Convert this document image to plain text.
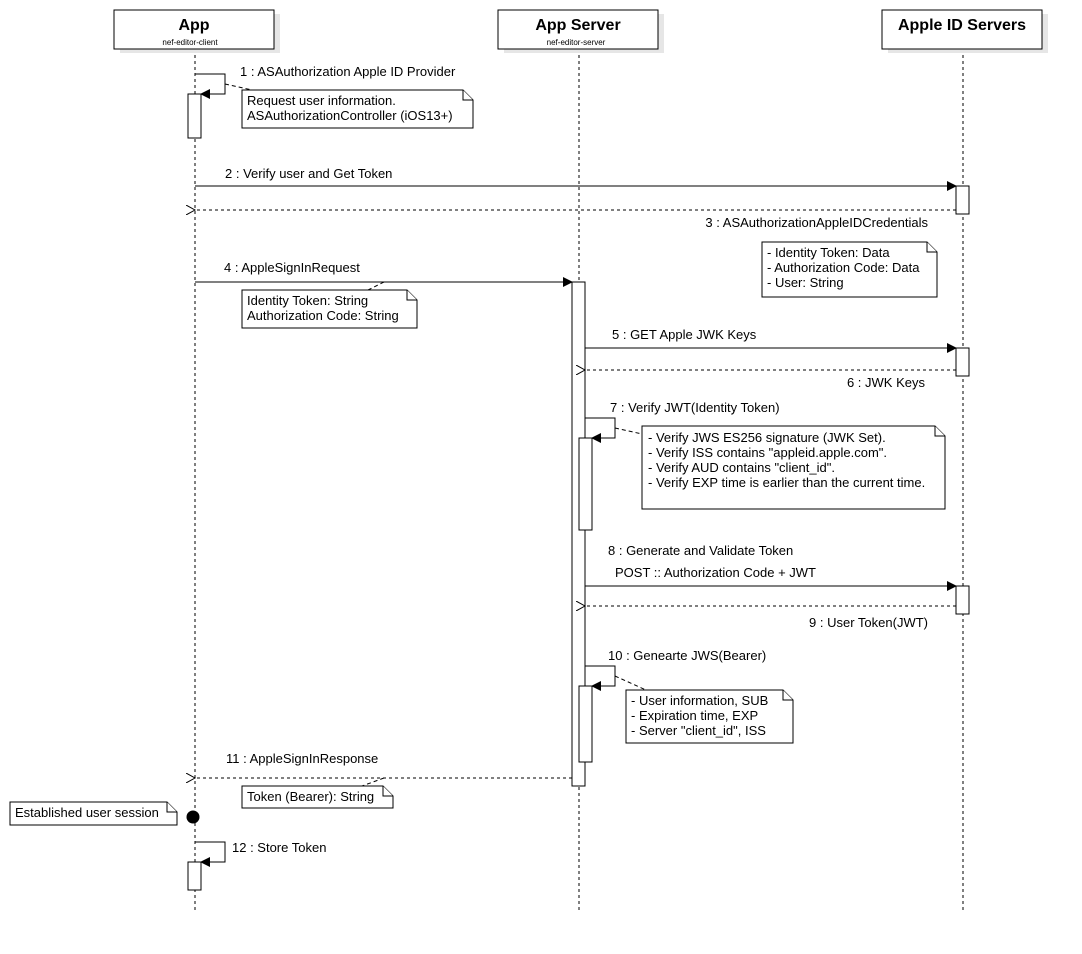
App
nef-editor-client
App Server
nef-editor-server
Apple ID Servers
1 : ASAuthorization Apple ID Provider
Request user information.
ASAuthorizationController (iOS13+)
2 : Verify user and Get Token
3 : ASAuthorizationAppleIDCredentials
- Identity Token: Data
- Authorization Code: Data
- User: String
4 : AppleSignInRequest
Identity Token: String
Authorization Code: String
5 : GET Apple JWK Keys
6 : JWK Keys
7 : Verify JWT(Identity Token)
- Verify JWS ES256 signature (JWK Set).
- Verify ISS contains "appleid.apple.com".
- Verify AUD contains "client_id".
- Verify EXP time is earlier than the current time.
8 : Generate and Validate Token
POST :: Authorization Code + JWT
9 : User Token(JWT)
10 : Genearte JWS(Bearer)
- User information, SUB
- Expiration time, EXP
- Server "client_id", ISS
11 : AppleSignInResponse
Token (Bearer): String
Established user session
12 : Store Token
